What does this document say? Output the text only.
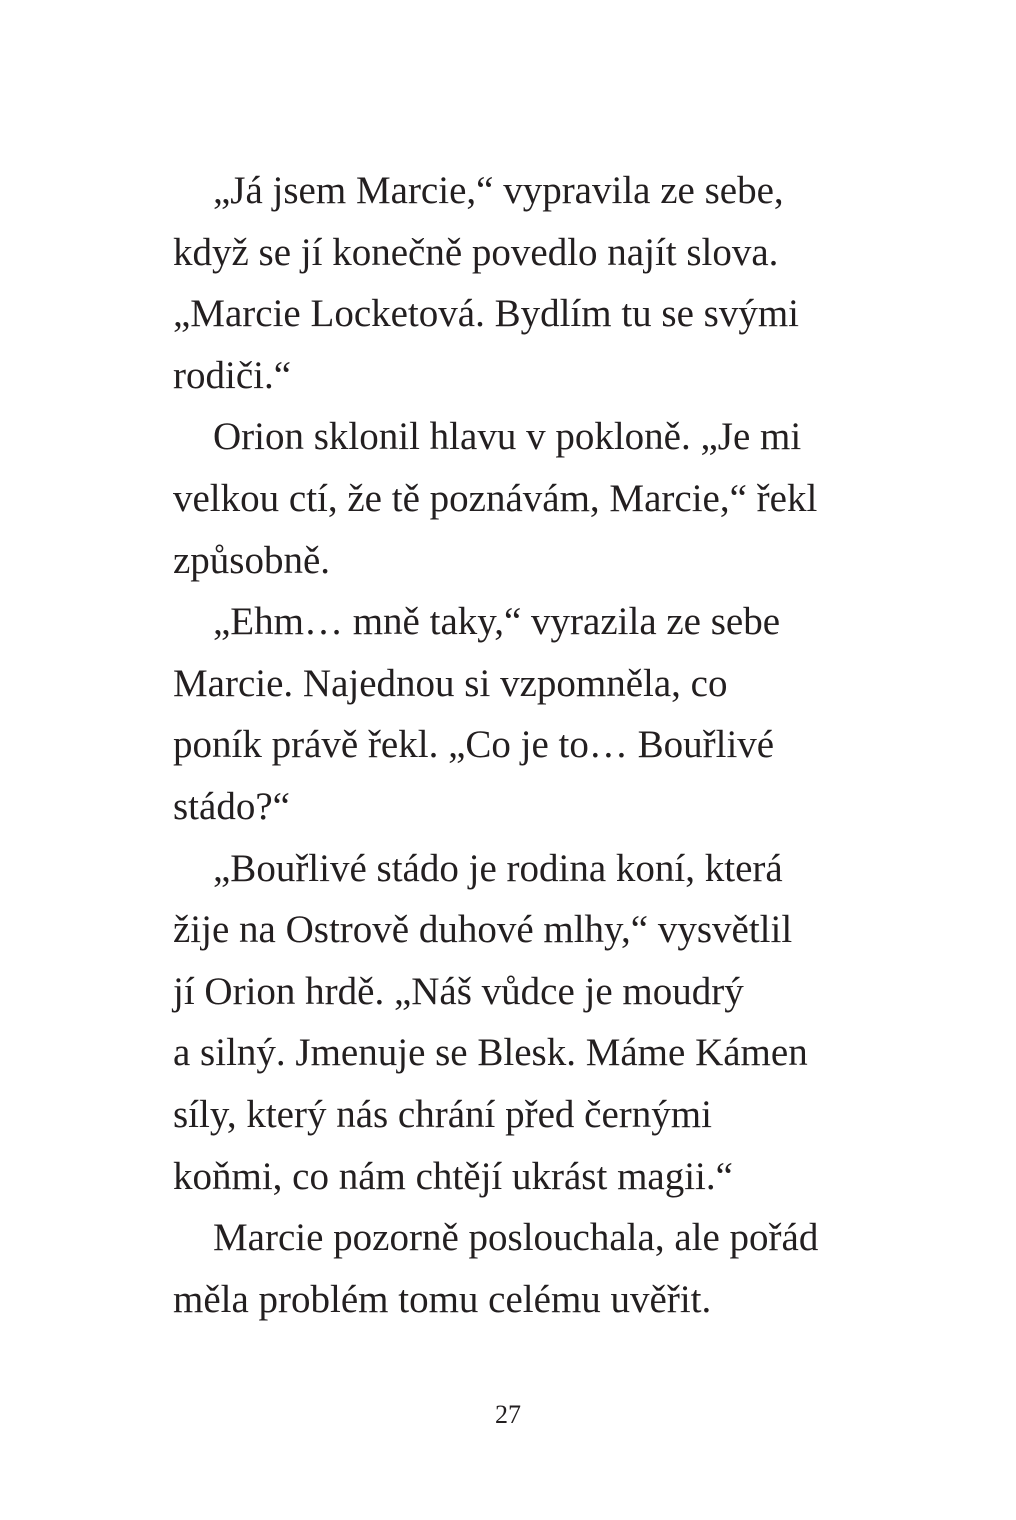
„Já jsem Marcie,“ vypravila ze sebe,
když se jí konečně povedlo najít slova.
„Marcie Locketová. Bydlím tu se svými
rodiči.“
Orion sklonil hlavu v pokloně. „Je mi
velkou ctí, že tě poznávám, Marcie,“ řekl
způsobně.
„Ehm… mně taky,“ vyrazila ze sebe
Marcie. Najednou si vzpomněla, co
poník právě řekl. „Co je to… Bouřlivé
stádo?“
„Bouřlivé stádo je rodina koní, která
žije na Ostrově duhové mlhy,“ vysvětlil
jí Orion hrdě. „Náš vůdce je moudrý
a silný. Jmenuje se Blesk. Máme Kámen
síly, který nás chrání před černými
koňmi, co nám chtějí ukrást magii.“
Marcie pozorně poslouchala, ale pořád
měla problém tomu celému uvěřit.
27
